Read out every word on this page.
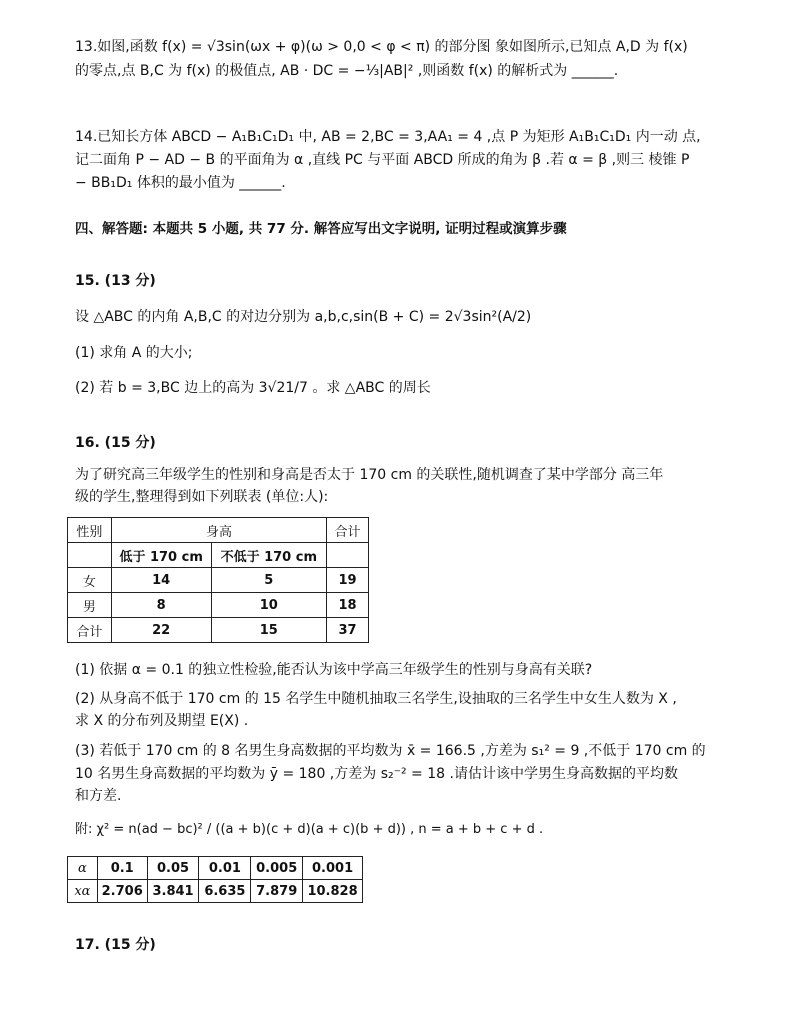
13.如图,函数 f(x) = √3sin(ωx + φ)(ω > 0,0 < φ < π) 的部分图 象如图所示,已知点 A,D 为 f(x)
的零点,点 B,C 为 f(x) 的极值点, AB · DC = −⅓|AB|² ,则函数 f(x) 的解析式为 ______.
14.已知长方体 ABCD − A₁B₁C₁D₁ 中, AB = 2,BC = 3,AA₁ = 4 ,点 P 为矩形 A₁B₁C₁D₁ 内一动 点,
记二面角 P − AD − B 的平面角为 α ,直线 PC 与平面 ABCD 所成的角为 β .若 α = β ,则三 棱锥 P
− BB₁D₁ 体积的最小值为 ______.
四、解答题: 本题共 5 小题, 共 77 分. 解答应写出文字说明, 证明过程或演算步骤
15. (13 分)
设 △ABC 的内角 A,B,C 的对边分别为 a,b,c,sin(B + C) = 2√3sin²(A/2)
(1) 求角 A 的大小;
(2) 若 b = 3,BC 边上的高为 3√21/7 。求 △ABC 的周长
16. (15 分)
为了研究高三年级学生的性别和身高是否太于 170 cm 的关联性,随机调查了某中学部分 高三年
级的学生,整理得到如下列联表 (单位:人):
性别	身高		合计
	低于 170 cm	不低于 170 cm	
女	14	5	19
男	8	10	18
合计	22	15	37
(1) 依据 α = 0.1 的独立性检验,能否认为该中学高三年级学生的性别与身高有关联?
(2) 从身高不低于 170 cm 的 15 名学生中随机抽取三名学生,设抽取的三名学生中女生人数为 X ,
求 X 的分布列及期望 E(X) .
(3) 若低于 170 cm 的 8 名男生身高数据的平均数为 x̄ = 166.5 ,方差为 s₁² = 9 ,不低于 170 cm 的
10 名男生身高数据的平均数为 ȳ = 180 ,方差为 s₂⁻² = 18 .请估计该中学男生身高数据的平均数
和方差.
附: χ² = n(ad − bc)² / ((a + b)(c + d)(a + c)(b + d)) , n = a + b + c + d .
α	0.1	0.05	0.01	0.005	0.001
xα	2.706	3.841	6.635	7.879	10.828
17. (15 分)
